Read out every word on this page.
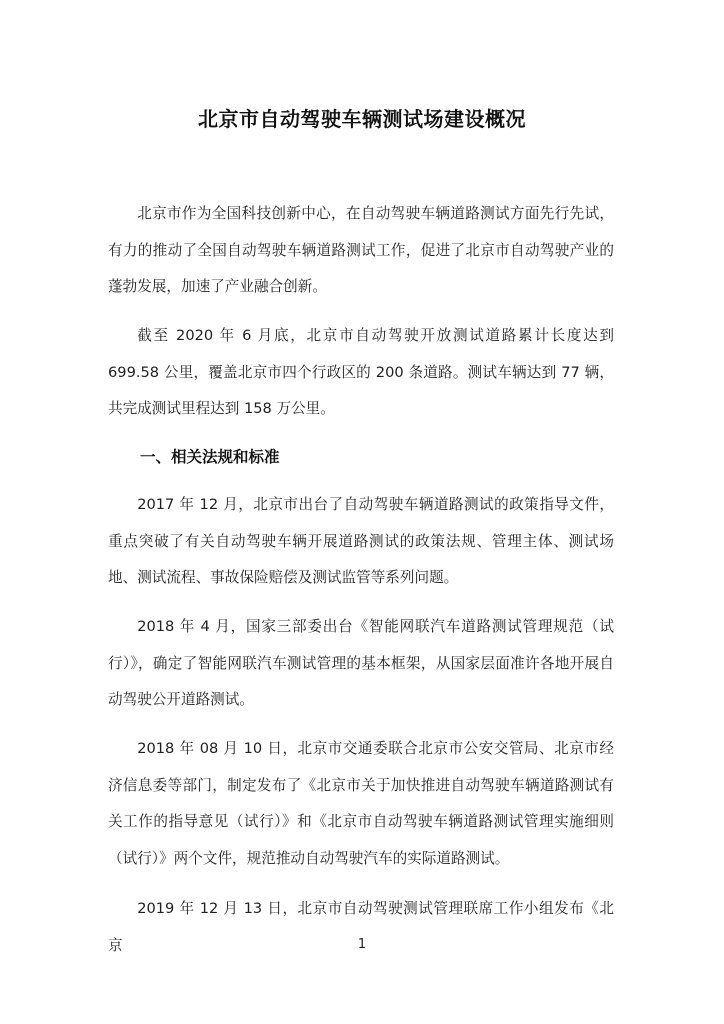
北京市自动驾驶车辆测试场建设概况

北京市作为全国科技创新中心，在自动驾驶车辆道路测试方面先行先试，有力的推动了全国自动驾驶车辆道路测试工作，促进了北京市自动驾驶产业的蓬勃发展，加速了产业融合创新。

截至 2020 年 6 月底，北京市自动驾驶开放测试道路累计长度达到 699.58 公里，覆盖北京市四个行政区的 200 条道路。测试车辆达到 77 辆，共完成测试里程达到 158 万公里。

一、相关法规和标准

2017 年 12 月，北京市出台了自动驾驶车辆道路测试的政策指导文件，重点突破了有关自动驾驶车辆开展道路测试的政策法规、管理主体、测试场地、测试流程、事故保险赔偿及测试监管等系列问题。

2018 年 4 月，国家三部委出台《智能网联汽车道路测试管理规范（试行）》，确定了智能网联汽车测试管理的基本框架，从国家层面准许各地开展自动驾驶公开道路测试。

2018 年 08 月 10 日，北京市交通委联合北京市公安交管局、北京市经济信息委等部门，制定发布了《北京市关于加快推进自动驾驶车辆道路测试有关工作的指导意见（试行）》和《北京市自动驾驶车辆道路测试管理实施细则（试行）》两个文件，规范推动自动驾驶汽车的实际道路测试。

2019 年 12 月 13 日，北京市自动驾驶测试管理联席工作小组发布《北京	1
